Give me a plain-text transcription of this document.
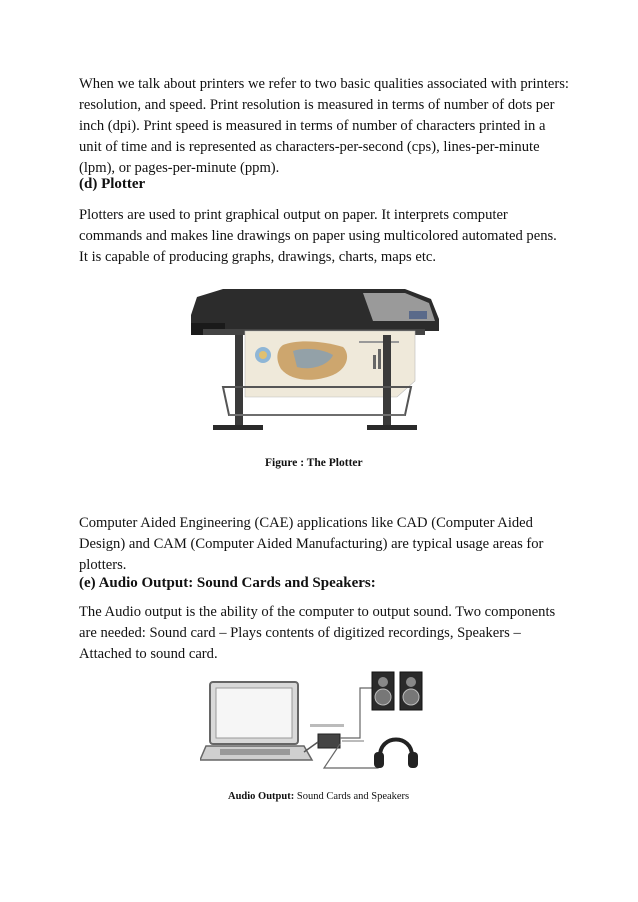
When we talk about printers we refer to two basic qualities associated with printers: resolution, and speed. Print resolution is measured in terms of number of dots per inch (dpi). Print speed is measured in terms of number of characters printed in a unit of time and is represented as characters-per-second (cps), lines-per-minute (lpm), or pages-per-minute (ppm).

(d) Plotter

Plotters are used to print graphical output on paper. It interprets computer commands and makes line drawings on paper using multicolored automated pens. It is capable of producing graphs, drawings, charts, maps etc.

Figure : The Plotter

Computer Aided Engineering (CAE) applications like CAD (Computer Aided Design) and CAM (Computer Aided Manufacturing) are typical usage areas for plotters.

(e) Audio Output: Sound Cards and Speakers:

The Audio output is the ability of the computer to output sound. Two components are needed: Sound card – Plays contents of digitized recordings, Speakers – Attached to sound card.

Audio Output: Sound Cards and Speakers
